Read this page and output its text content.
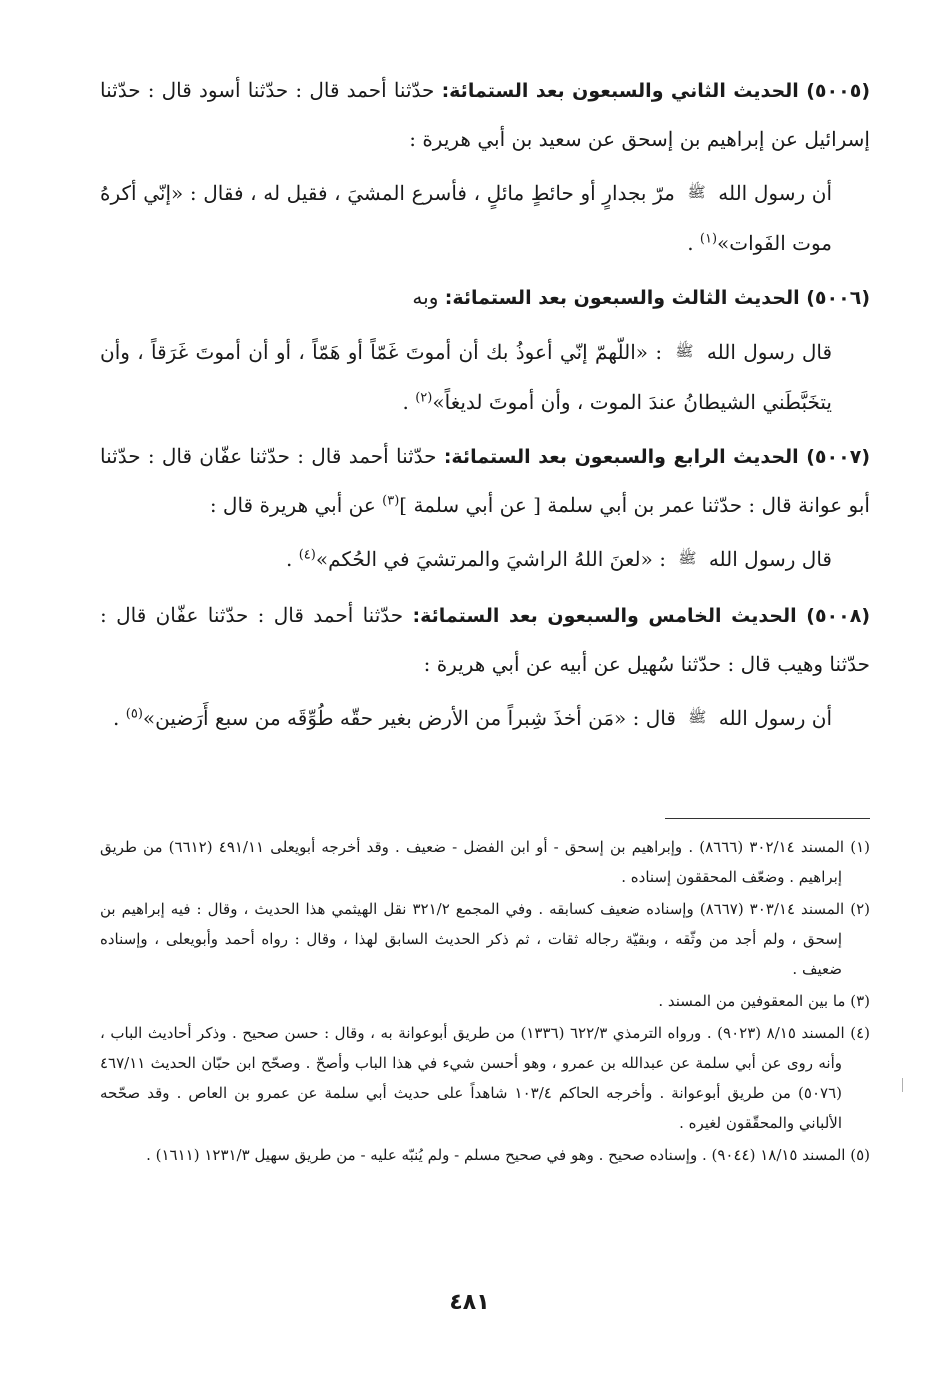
(٥٠٠٥) الحديث الثاني والسبعون بعد الستمائة: حدّثنا أحمد قال : حدّثنا أسود قال : حدّثنا إسرائيل عن إبراهيم بن إسحق عن سعيد بن أبي هريرة :

أن رسول الله ﷺ مرّ بجدارٍ أو حائطٍ مائلٍ ، فأسرع المشيَ ، فقيل له ، فقال : «إنّي أكرهُ موت الفَوات»$^{(١)}$ .

(٥٠٠٦) الحديث الثالث والسبعون بعد الستمائة: وبه

قال رسول الله ﷺ : «اللّهمّ إنّي أعوذُ بك أن أموتَ غَمّاً أو هَمّاً ، أو أن أموتَ غَرَقاً ، وأن يتخَبَّطَني الشيطانُ عندَ الموت ، وأن أموتَ لديغاً»$^{(٢)}$ .

(٥٠٠٧) الحديث الرابع والسبعون بعد الستمائة: حدّثنا أحمد قال : حدّثنا عفّان قال : حدّثنا أبو عوانة قال : حدّثنا عمر بن أبي سلمة [ عن أبي سلمة ]$^{(٣)}$ عن أبي هريرة قال :

قال رسول الله ﷺ : «لعنَ اللهُ الراشيَ والمرتشيَ في الحُكم»$^{(٤)}$ .

(٥٠٠٨) الحديث الخامس والسبعون بعد الستمائة: حدّثنا أحمد قال : حدّثنا عفّان قال : حدّثنا وهيب قال : حدّثنا سُهيل عن أبيه عن أبي هريرة :

أن رسول الله ﷺ قال : «مَن أخذَ شِبراً من الأرض بغير حقّه طُوِّقَه من سبع أَرَضين»$^{(٥)}$ .

(١) المسند ٣٠٢/١٤ (٨٦٦٦) . وإبراهيم بن إسحق - أو ابن الفضل - ضعيف . وقد أخرجه أبويعلى ٤٩١/١١ (٦٦١٢) من طريق إبراهيم . وضعّف المحققون إسناده .

(٢) المسند ٣٠٣/١٤ (٨٦٦٧) وإسناده ضعيف كسابقه . وفي المجمع ٣٢١/٢ نقل الهيثمي هذا الحديث ، وقال : فيه إبراهيم بن إسحق ، ولم أجد من وثّقه ، وبقيّة رجاله ثقات ، ثم ذكر الحديث السابق لهذا ، وقال : رواه أحمد وأبويعلى ، وإسناده ضعيف .

(٣) ما بين المعقوفين من المسند .

(٤) المسند ٨/١٥ (٩٠٢٣) . ورواه الترمذي ٦٢٢/٣ (١٣٣٦) من طريق أبوعوانة به ، وقال : حسن صحيح . وذكر أحاديث الباب ، وأنه روى عن أبي سلمة عن عبدالله بن عمرو ، وهو أحسن شيء في هذا الباب وأصحّ . وصحّح ابن حبّان الحديث ٤٦٧/١١ (٥٠٧٦) من طريق أبوعوانة . وأخرجه الحاكم ١٠٣/٤ شاهداً على حديث أبي سلمة عن عمرو بن العاص . وقد صحّحه الألباني والمحقّقون لغيره .

(٥) المسند ١٨/١٥ (٩٠٤٤) . وإسناده صحيح . وهو في صحيح مسلم - ولم يُنبّه عليه - من طريق سهيل ١٢٣١/٣ (١٦١١) .

٤٨١
